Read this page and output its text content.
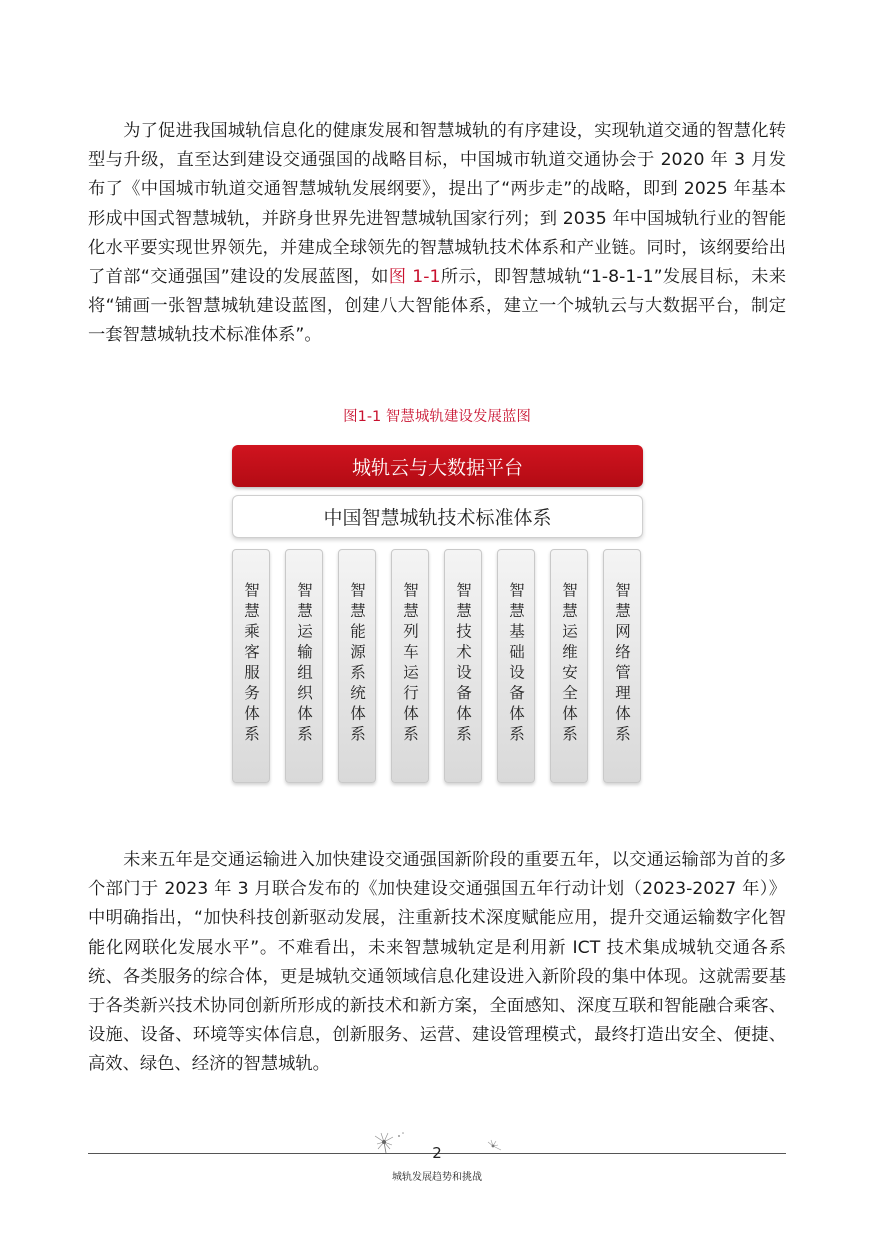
为了促进我国城轨信息化的健康发展和智慧城轨的有序建设，实现轨道交通的智慧化转型与升级，直至达到建设交通强国的战略目标，中国城市轨道交通协会于 2020 年 3 月发布了《中国城市轨道交通智慧城轨发展纲要》，提出了“两步走”的战略，即到 2025 年基本形成中国式智慧城轨，并跻身世界先进智慧城轨国家行列；到 2035 年中国城轨行业的智能化水平要实现世界领先，并建成全球领先的智慧城轨技术体系和产业链。同时，该纲要给出了首部“交通强国”建设的发展蓝图，如图 1-1所示，即智慧城轨“1-8-1-1”发展目标，未来将“铺画一张智慧城轨建设蓝图，创建八大智能体系，建立一个城轨云与大数据平台，制定一套智慧城轨技术标准体系”。

图1-1 智慧城轨建设发展蓝图
城轨云与大数据平台
中国智慧城轨技术标准体系
智慧乘客服务体系 智慧运输组织体系 智慧能源系统体系 智慧列车运行体系 智慧技术设备体系 智慧基础设备体系 智慧运维安全体系 智慧网络管理体系

未来五年是交通运输进入加快建设交通强国新阶段的重要五年，以交通运输部为首的多个部门于 2023 年 3 月联合发布的《加快建设交通强国五年行动计划（2023-2027 年）》中明确指出，“加快科技创新驱动发展，注重新技术深度赋能应用，提升交通运输数字化智能化网联化发展水平”。不难看出，未来智慧城轨定是利用新 ICT 技术集成城轨交通各系统、各类服务的综合体，更是城轨交通领域信息化建设进入新阶段的集中体现。这就需要基于各类新兴技术协同创新所形成的新技术和新方案，全面感知、深度互联和智能融合乘客、设施、设备、环境等实体信息，创新服务、运营、建设管理模式，最终打造出安全、便捷、高效、绿色、经济的智慧城轨。

2
城轨发展趋势和挑战
